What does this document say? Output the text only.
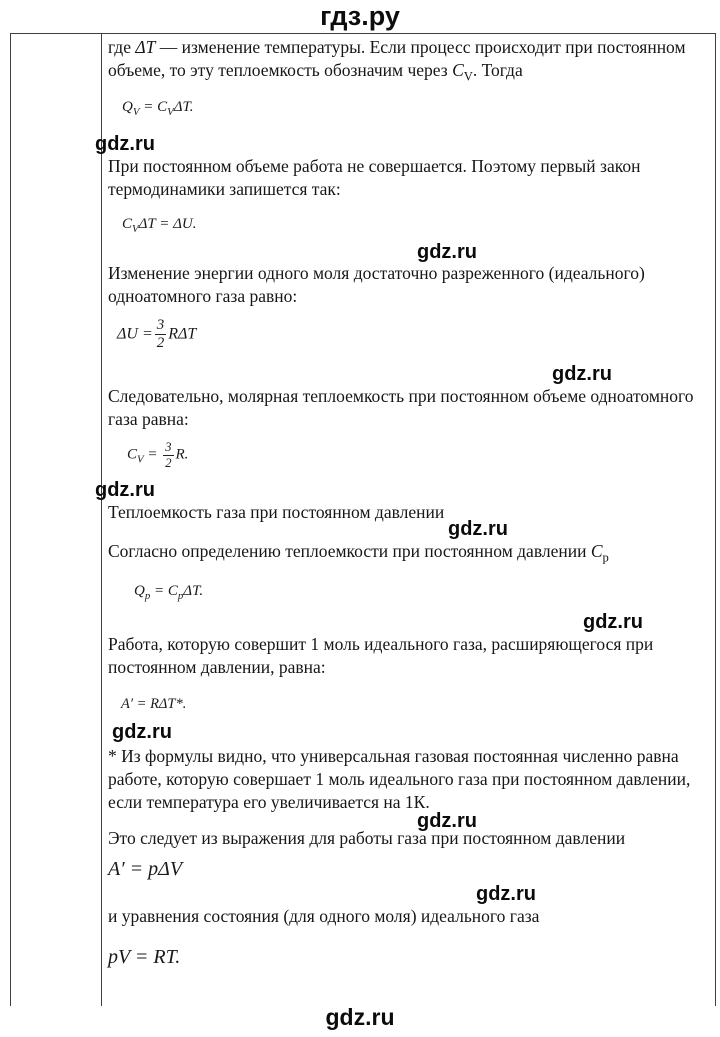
гдз.ру
где ΔT — изменение температуры. Если процесс происходит при постоянном объеме, то эту теплоемкость обозначим через $C_V$. Тогда
$Q_V = C_V\Delta T$.
gdz.ru
При постоянном объеме работа не совершается. Поэтому первый закон термодинамики запишется так:
$C_V\Delta T = \Delta U$.
gdz.ru
Изменение энергии одного моля достаточно разреженного (идеального) одноатомного газа равно:
$\Delta U = \frac{3}{2}$ RΔT
gdz.ru
Следовательно, молярная теплоемкость при постоянном объеме одноатомного газа равна:
$C_V = \frac{3}{2} R$.
gdz.ru
Теплоемкость газа при постоянном давлении
gdz.ru
Согласно определению теплоемкости при постоянном давлении $C_p$
$Q_p = C_p\Delta T$.
gdz.ru
Работа, которую совершит 1 моль идеального газа, расширяющегося при постоянном давлении, равна:
A′ = RΔT*.
gdz.ru
* Из формулы видно, что универсальная газовая постоянная численно равна работе, которую совершает 1 моль идеального газа при постоянном давлении, если температура его увеличивается на 1К.
gdz.ru
Это следует из выражения для работы газа при постоянном давлении
A′ = pΔV
gdz.ru
и уравнения состояния (для одного моля) идеального газа
pV = RT.
gdz.ru
